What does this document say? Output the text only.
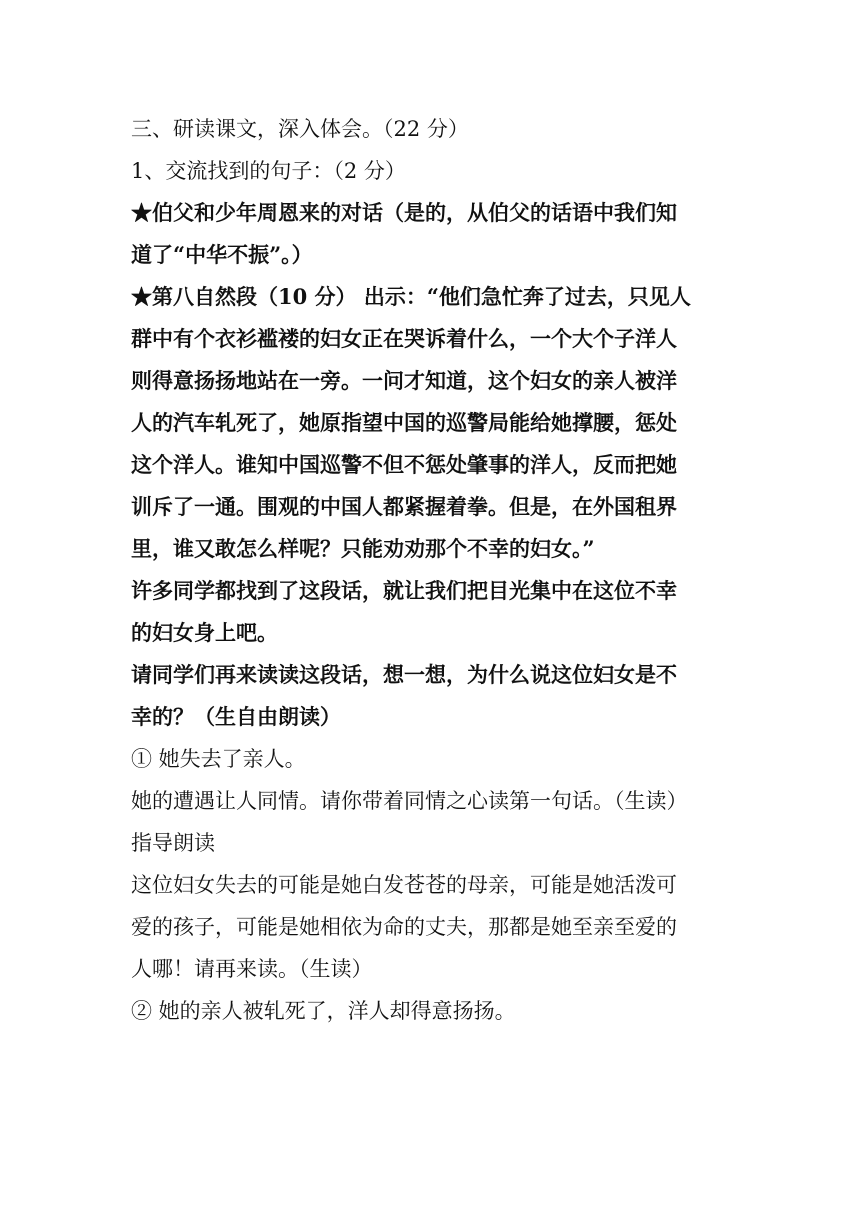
三、研读课文，深入体会。（22 分）
1、交流找到的句子：（2 分）
★伯父和少年周恩来的对话（是的，从伯父的话语中我们知
道了“中华不振”。）
★第八自然段（10 分） 出示：“他们急忙奔了过去，只见人
群中有个衣衫褴褛的妇女正在哭诉着什么，一个大个子洋人
则得意扬扬地站在一旁。一问才知道，这个妇女的亲人被洋
人的汽车轧死了，她原指望中国的巡警局能给她撑腰，惩处
这个洋人。谁知中国巡警不但不惩处肇事的洋人，反而把她
训斥了一通。围观的中国人都紧握着拳。但是，在外国租界
里，谁又敢怎么样呢？只能劝劝那个不幸的妇女。”
许多同学都找到了这段话，就让我们把目光集中在这位不幸
的妇女身上吧。
请同学们再来读读这段话，想一想，为什么说这位妇女是不
幸的？（生自由朗读）
① 她失去了亲人。
她的遭遇让人同情。请你带着同情之心读第一句话。（生读）
指导朗读
这位妇女失去的可能是她白发苍苍的母亲，可能是她活泼可
爱的孩子，可能是她相依为命的丈夫，那都是她至亲至爱的
人哪！请再来读。（生读）
② 她的亲人被轧死了，洋人却得意扬扬。
